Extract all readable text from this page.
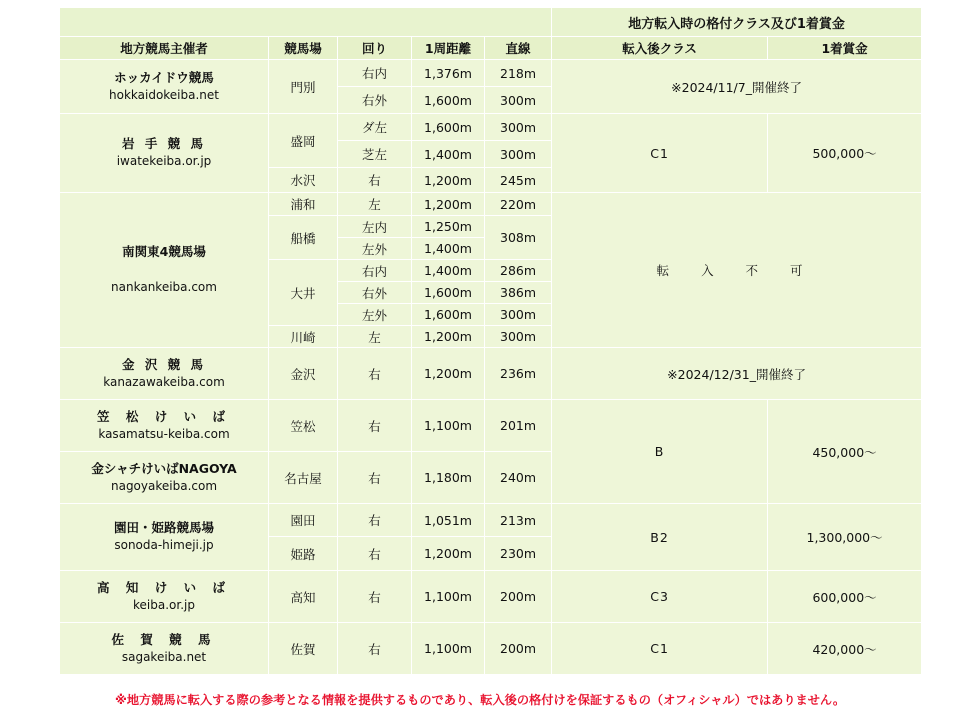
					地方転入時の格付クラス及び1着賞金	
地方競馬主催者	競馬場	回り	1周距離	直線	転入後クラス	1着賞金

ホッカイドウ競馬
hokkaidokeiba.net	門別	右内	1,376m	218m	※2024/11/7_開催終了	
		右外	1,600m	300m		

岩 手 競 馬
iwatekeiba.or.jp	盛岡	ダ左	1,600m	300m	C1	500,000～
		芝左	1,400m	300m		
	水沢	右	1,200m	245m		

南関東4競馬場
nankankeiba.com	浦和	左	1,200m	220m	転 入 不 可	
	船橋	左内	1,250m	308m		
		左外	1,400m			
	大井	右内	1,400m	286m		
		右外	1,600m	386m		
		左外	1,600m	300m		
	川崎	左	1,200m	300m		

金 沢 競 馬
kanazawakeiba.com	金沢	右	1,200m	236m	※2024/12/31_開催終了	

笠 松 け い ば
kasamatsu-keiba.com	笠松	右	1,100m	201m	B	450,000～

金シャチけいばNAGOYA
nagoyakeiba.com	名古屋	右	1,180m	240m		

園田・姫路競馬場
sonoda-himeji.jp	園田	右	1,051m	213m	B2	1,300,000～
	姫路	右	1,200m	230m		

高 知 け い ば
keiba.or.jp	高知	右	1,100m	200m	C3	600,000～

佐 賀 競 馬
sagakeiba.net	佐賀	右	1,100m	200m	C1	420,000～
※地方競馬に転入する際の参考となる情報を提供するものであり、転入後の格付けを保証するもの（オフィシャル）ではありません。
